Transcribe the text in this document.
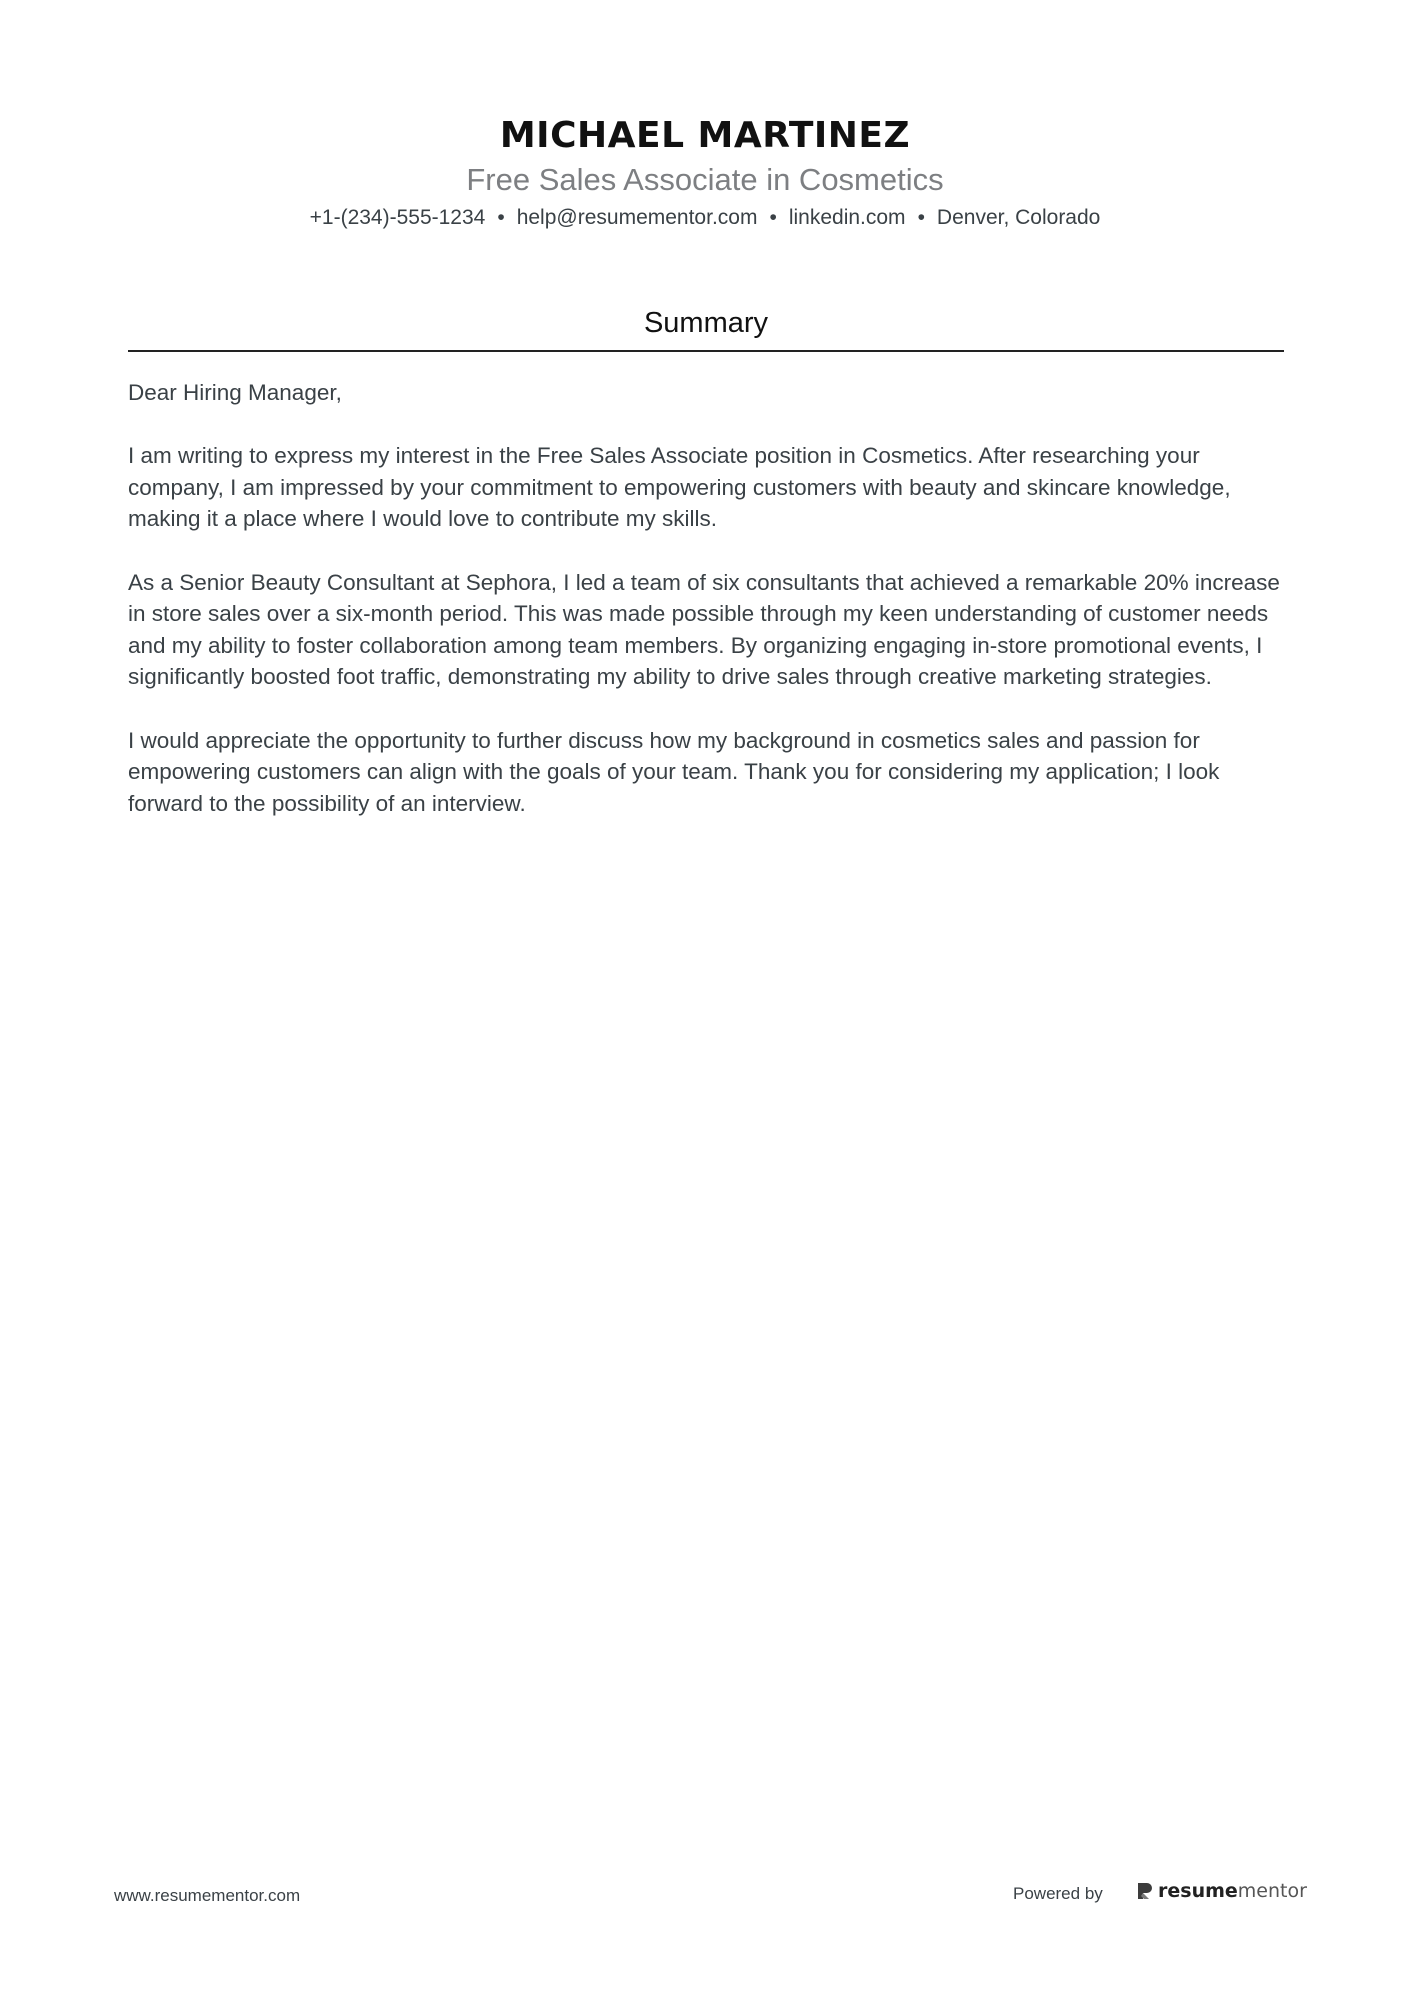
MICHAEL MARTINEZ
Free Sales Associate in Cosmetics
+1-(234)-555-1234 • help@resumementor.com • linkedin.com • Denver, Colorado
Summary

Dear Hiring Manager,

I am writing to express my interest in the Free Sales Associate position in Cosmetics. After researching your company, I am impressed by your commitment to empowering customers with beauty and skincare knowledge, making it a place where I would love to contribute my skills.

As a Senior Beauty Consultant at Sephora, I led a team of six consultants that achieved a remarkable 20% increase in store sales over a six-month period. This was made possible through my keen understanding of customer needs and my ability to foster collaboration among team members. By organizing engaging in-store promotional events, I significantly boosted foot traffic, demonstrating my ability to drive sales through creative marketing strategies.

I would appreciate the opportunity to further discuss how my background in cosmetics sales and passion for empowering customers can align with the goals of your team. Thank you for considering my application; I look forward to the possibility of an interview.

www.resumementor.com	Powered by	resume mentor
